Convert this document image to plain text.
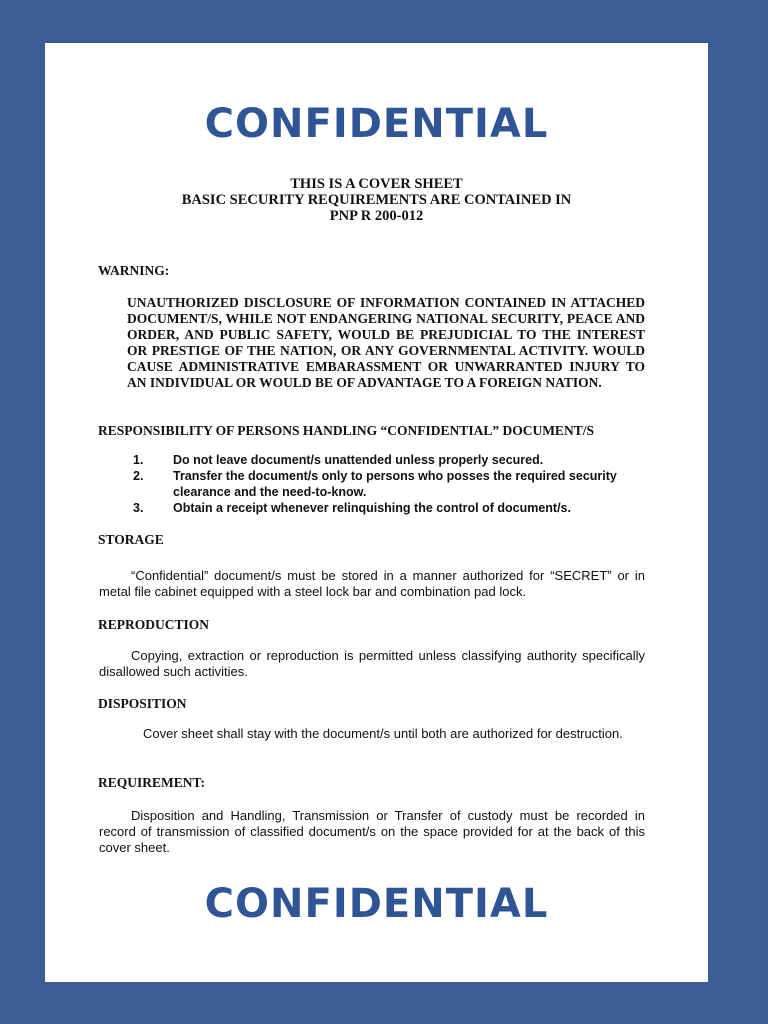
CONFIDENTIAL
THIS IS A COVER SHEET
BASIC SECURITY REQUIREMENTS ARE CONTAINED IN
PNP R 200-012
WARNING:
UNAUTHORIZED DISCLOSURE OF INFORMATION CONTAINED IN ATTACHED DOCUMENT/S, WHILE NOT ENDANGERING NATIONAL SECURITY, PEACE AND ORDER, AND PUBLIC SAFETY, WOULD BE PREJUDICIAL TO THE INTEREST OR PRESTIGE OF THE NATION, OR ANY GOVERNMENTAL ACTIVITY. WOULD CAUSE ADMINISTRATIVE EMBARASSMENT OR UNWARRANTED INJURY TO AN INDIVIDUAL OR WOULD BE OF ADVANTAGE TO A FOREIGN NATION.
RESPONSIBILITY OF PERSONS HANDLING “CONFIDENTIAL” DOCUMENT/S
1.	Do not leave document/s unattended unless properly secured.
2.	Transfer the document/s only to persons who posses the required security clearance and the need-to-know.
3.	Obtain a receipt whenever relinquishing the control of document/s.
STORAGE
“Confidential” document/s must be stored in a manner authorized for “SECRET” or in metal file cabinet equipped with a steel lock bar and combination pad lock.
REPRODUCTION
Copying, extraction or reproduction is permitted unless classifying authority specifically disallowed such activities.
DISPOSITION
Cover sheet shall stay with the document/s until both are authorized for destruction.
REQUIREMENT:
Disposition and Handling, Transmission or Transfer of custody must be recorded in record of transmission of classified document/s on the space provided for at the back of this cover sheet.
CONFIDENTIAL
